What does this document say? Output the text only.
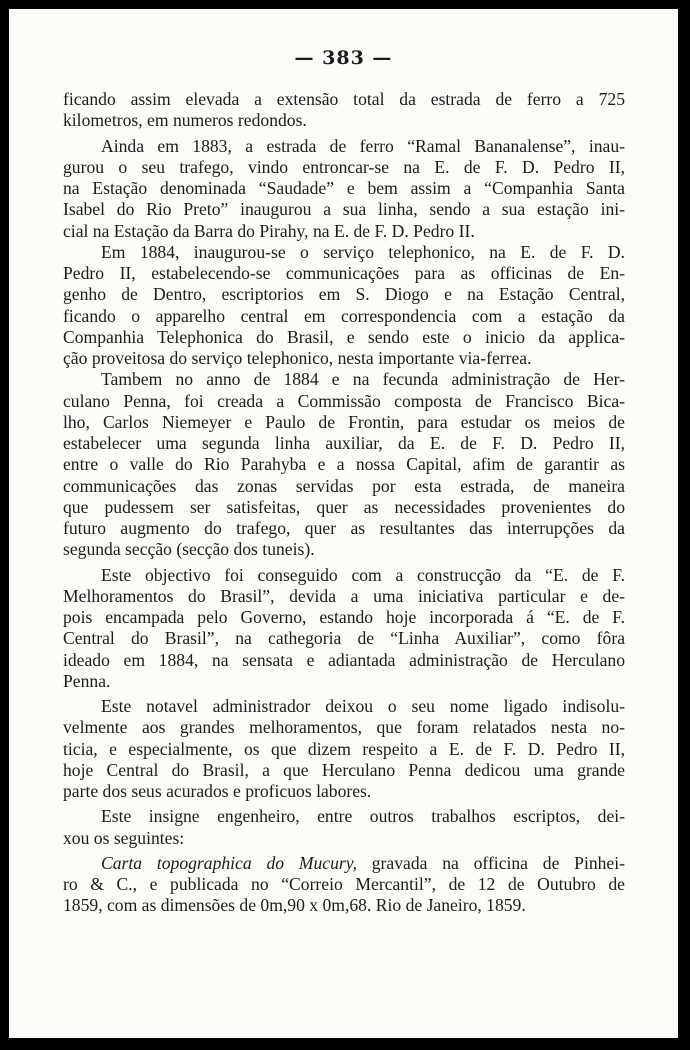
— 383 —
ficando assim elevada a extensão total da estrada de ferro a 725
kilometros, em numeros redondos.
Ainda em 1883, a estrada de ferro “Ramal Bananalense”, inau-
gurou o seu trafego, vindo entroncar-se na E. de F. D. Pedro II,
na Estação denominada “Saudade” e bem assim a “Companhia Santa
Isabel do Rio Preto” inaugurou a sua linha, sendo a sua estação ini-
cial na Estação da Barra do Pirahy, na E. de F. D. Pedro II.
Em 1884, inaugurou-se o serviço telephonico, na E. de F. D.
Pedro II, estabelecendo-se communicações para as officinas de En-
genho de Dentro, escriptorios em S. Diogo e na Estação Central,
ficando o apparelho central em correspondencia com a estação da
Companhia Telephonica do Brasil, e sendo este o inicio da applica-
ção proveitosa do serviço telephonico, nesta importante via-ferrea.
Tambem no anno de 1884 e na fecunda administração de Her-
culano Penna, foi creada a Commissão composta de Francisco Bica-
lho, Carlos Niemeyer e Paulo de Frontin, para estudar os meios de
estabelecer uma segunda linha auxiliar, da E. de F. D. Pedro II,
entre o valle do Rio Parahyba e a nossa Capital, afim de garantir as
communicações das zonas servidas por esta estrada, de maneira
que pudessem ser satisfeitas, quer as necessidades provenientes do
futuro augmento do trafego, quer as resultantes das interrupções da
segunda secção (secção dos tuneis).
Este objectivo foi conseguido com a construcção da “E. de F.
Melhoramentos do Brasil”, devida a uma iniciativa particular e de-
pois encampada pelo Governo, estando hoje incorporada á “E. de F.
Central do Brasil”, na cathegoria de “Linha Auxiliar”, como fôra
ideado em 1884, na sensata e adiantada administração de Herculano
Penna.
Este notavel administrador deixou o seu nome ligado indisolu-
velmente aos grandes melhoramentos, que foram relatados nesta no-
ticia, e especialmente, os que dizem respeito a E. de F. D. Pedro II,
hoje Central do Brasil, a que Herculano Penna dedicou uma grande
parte dos seus acurados e proficuos labores.
Este insigne engenheiro, entre outros trabalhos escriptos, dei-
xou os seguintes:
Carta topographica do Mucury, gravada na officina de Pinhei-
ro & C., e publicada no “Correio Mercantil”, de 12 de Outubro de
1859, com as dimensões de 0m,90 x 0m,68. Rio de Janeiro, 1859.
